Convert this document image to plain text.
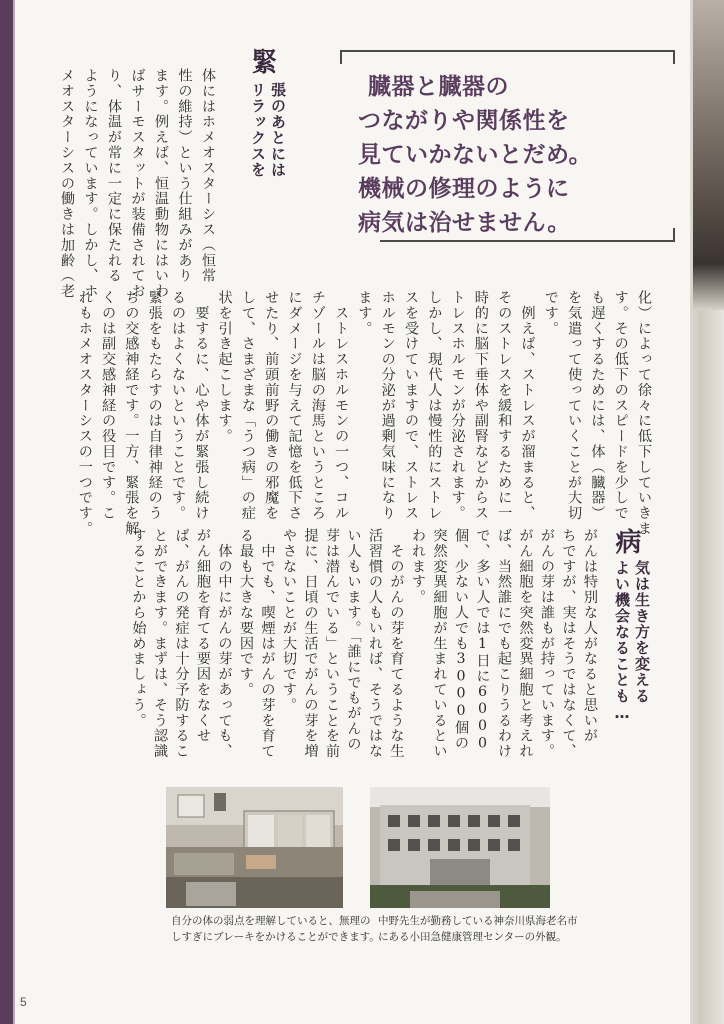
臓器と臓器の
つながりや関係性を
見ていかないとだめ。
機械の修理のように
病気は治せません。
緊
張のあとには
リラックスを
体にはホメオスターシス（恒常
性の維持）という仕組みがあり
ます。例えば、恒温動物にはいわ
ばサーモスタットが装備されてお
り、体温が常に一定に保たれる
ようになっています。しかし、ホ
メオスターシスの働きは加齢（老
化）によって徐々に低下していきま
す。その低下のスピードを少しで
も遅くするためには、体（臓器）
を気遣って使っていくことが大切
です。
　例えば、ストレスが溜まると、
そのストレスを緩和するために一
時的に脳下垂体や副腎などからス
トレスホルモンが分泌されます。
しかし、現代人は慢性的にストレ
スを受けていますので、ストレス
ホルモンの分泌が過剰気味になり
ます。
　ストレスホルモンの一つ、コル
チゾールは脳の海馬というところ
にダメージを与えて記憶を低下さ
せたり、前頭前野の働きの邪魔を
して、さまざまな「うつ病」の症
状を引き起こします。
　要するに、心や体が緊張し続け
るのはよくないということです。
緊張をもたらすのは自律神経のう
ちの交感神経です。一方、緊張を解
くのは副交感神経の役目です。こ
れもホメオスターシスの一つです。
病
気は生き方を変える
よい機会なることも…
がんは特別な人がなると思いが
ちですが、実はそうではなくて、
がんの芽は誰もが持っています。
がん細胞を突然変異細胞と考えれ
ば、当然誰にでも起こりうるわけ
で、多い人では1日に6000
個、少ない人でも3000個の
突然変異細胞が生まれているとい
われます。
　そのがんの芽を育てるような生
活習慣の人もいれば、そうではな
い人もいます。「誰にでもがんの
芽は潜んでいる」ということを前
提に、日頃の生活でがんの芽を増
やさないことが大切です。
　中でも、喫煙はがんの芽を育て
る最も大きな要因です。
　体の中にがんの芽があっても、
がん細胞を育てる要因をなくせ
ば、がんの発症は十分予防するこ
とができます。まずは、そう認識
することから始めましょう。
自分の体の弱点を理解していると、無理の
しすぎにブレーキをかけることができます。
中野先生が勤務している神奈川県海老名市
にある小田急健康管理センターの外観。
5
